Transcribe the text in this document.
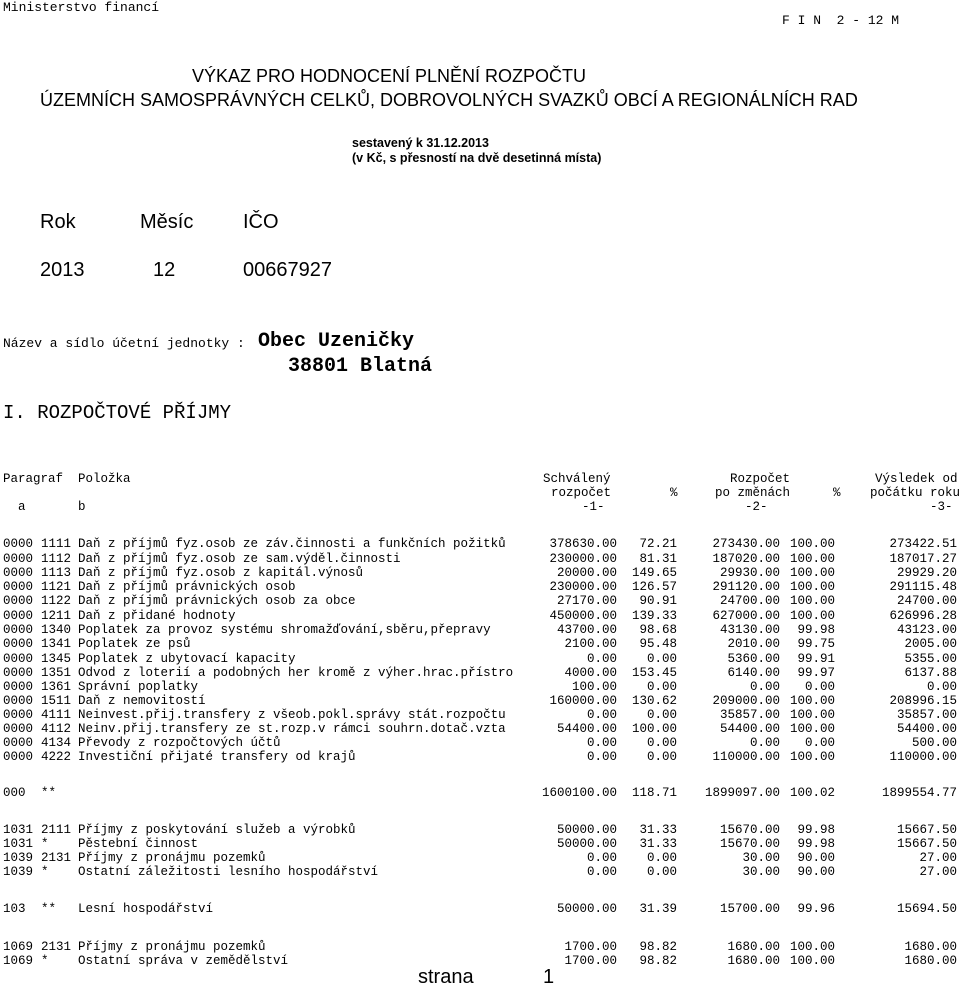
Ministerstvo financí
F I N  2 - 12 M
VÝKAZ PRO HODNOCENÍ PLNĚNÍ ROZPOČTU
ÚZEMNÍCH SAMOSPRÁVNÝCH CELKŮ, DOBROVOLNÝCH SVAZKŮ OBCÍ A REGIONÁLNÍCH RAD
sestavený k 31.12.2013
(v Kč, s přesností na dvě desetinná místa)
Rok	Měsíc IČO
2013	12	00667927
Název a sídlo účetní jednotky : Obec Uzeničky
38801 Blatná
I. ROZPOČTOVÉ PŘÍJMY
Paragraf Položka	Schválený	Rozpočet	Výsledek od
rozpočet	%	po změnách	% počátku roku
a	b	-1-	-2-	-3-
0000 1111 Daň z příjmů fyz.osob ze záv.činnosti a funkčních požitků	378630.00 72.21	273430.00 100.00	273422.51
0000 1112 Daň z příjmů fyz.osob ze sam.výděl.činnosti	230000.00 81.31	187020.00 100.00	187017.27
0000 1113 Daň z příjmů fyz.osob z kapitál.výnosů	20000.00 149.65	29930.00 100.00	29929.20
0000 1121 Daň z příjmů právnických osob	230000.00 126.57	291120.00 100.00	291115.48
0000 1122 Daň z příjmů právnických osob za obce	27170.00 90.91	24700.00 100.00	24700.00
0000 1211 Daň z přidané hodnoty	450000.00 139.33	627000.00 100.00	626996.28
0000 1340 Poplatek za provoz systému shromažďování,sběru,přepravy	43700.00 98.68	43130.00 99.98	43123.00
0000 1341 Poplatek ze psů	2100.00 95.48	2010.00 99.75	2005.00
0000 1345 Poplatek z ubytovací kapacity	0.00 0.00	5360.00 99.91	5355.00
0000 1351 Odvod z loterií a podobných her kromě z výher.hrac.přístro	4000.00 153.45	6140.00 99.97	6137.88
0000 1361 Správní poplatky	100.00 0.00	0.00 0.00	0.00
0000 1511 Daň z nemovitostí	160000.00 130.62	209000.00 100.00	208996.15
0000 4111 Neinvest.přij.transfery z všeob.pokl.správy stát.rozpočtu	0.00 0.00	35857.00 100.00	35857.00
0000 4112 Neinv.přij.transfery ze st.rozp.v rámci souhrn.dotač.vzta	54400.00 100.00	54400.00 100.00	54400.00
0000 4134 Převody z rozpočtových účtů	0.00 0.00	0.00 0.00	500.00
0000 4222 Investiční přijaté transfery od krajů	0.00 0.00	110000.00 100.00	110000.00
000 **	1600100.00 118.71 1899097.00 100.02	1899554.77
1031 2111 Příjmy z poskytování služeb a výrobků	50000.00 31.33	15670.00 99.98	15667.50
1031 * Pěstební činnost	50000.00 31.33	15670.00 99.98	15667.50
1039 2131 Příjmy z pronájmu pozemků	0.00 0.00	30.00 90.00	27.00
1039 * Ostatní záležitosti lesního hospodářství	0.00 0.00	30.00 90.00	27.00
103 ** Lesní hospodářství	50000.00 31.39	15700.00 99.96	15694.50
1069 2131 Příjmy z pronájmu pozemků	1700.00 98.82	1680.00 100.00	1680.00
1069 * Ostatní správa v zemědělství	1700.00 98.82	1680.00 100.00	1680.00
strana	1
